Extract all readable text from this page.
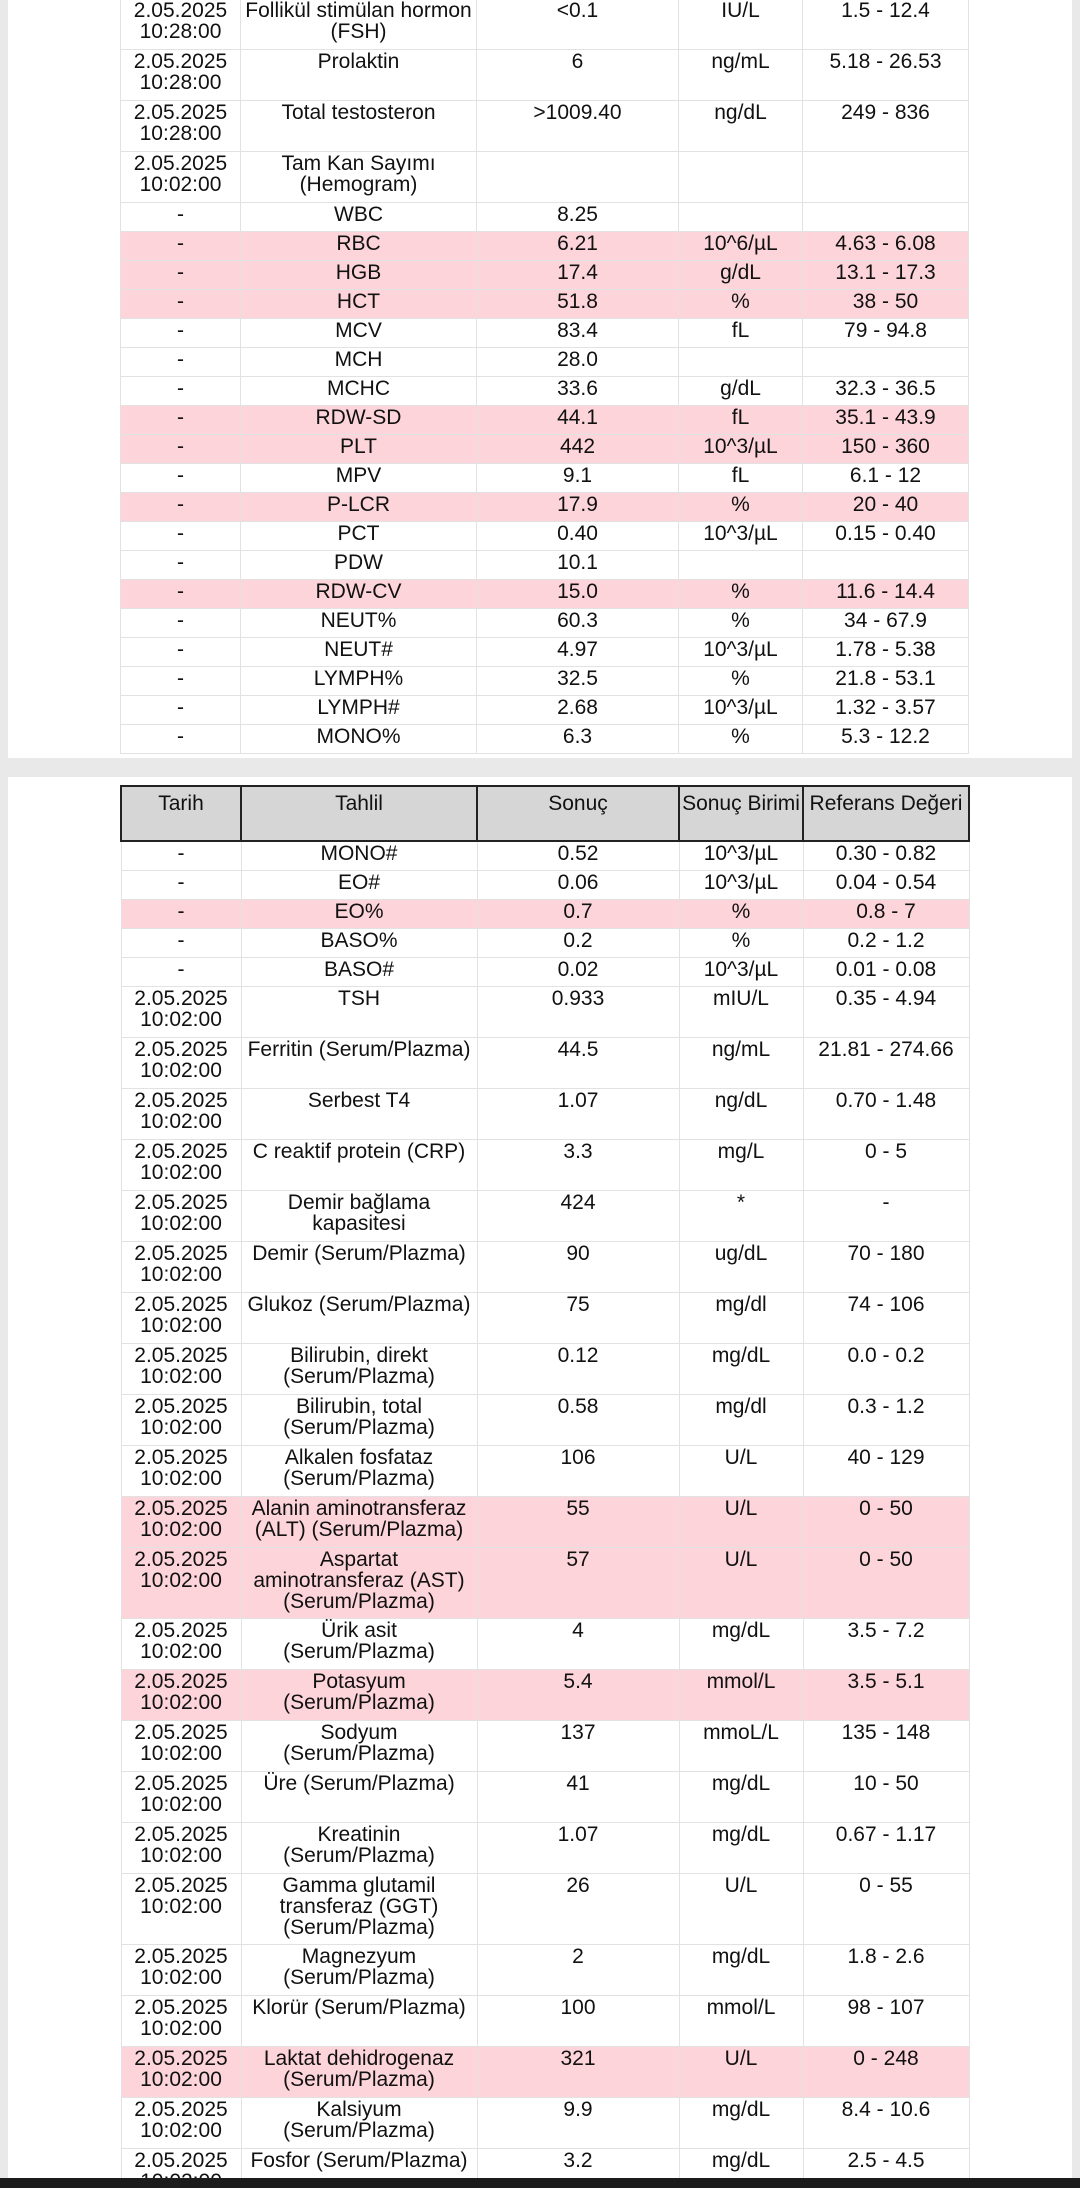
2.05.2025 10:28:00	Follikül stimülan hormon (FSH)	<0.1	IU/L	1.5 - 12.4
2.05.2025 10:28:00	Prolaktin	6	ng/mL	5.18 - 26.53
2.05.2025 10:28:00	Total testosteron	>1009.40	ng/dL	249 - 836
2.05.2025 10:02:00	Tam Kan Sayımı (Hemogram)			
-	WBC	8.25		
-	RBC	6.21	10^6/µL	4.63 - 6.08
-	HGB	17.4	g/dL	13.1 - 17.3
-	HCT	51.8	%	38 - 50
-	MCV	83.4	fL	79 - 94.8
-	MCH	28.0		
-	MCHC	33.6	g/dL	32.3 - 36.5
-	RDW-SD	44.1	fL	35.1 - 43.9
-	PLT	442	10^3/µL	150 - 360
-	MPV	9.1	fL	6.1 - 12
-	P-LCR	17.9	%	20 - 40
-	PCT	0.40	10^3/µL	0.15 - 0.40
-	PDW	10.1		
-	RDW-CV	15.0	%	11.6 - 14.4
-	NEUT%	60.3	%	34 - 67.9
-	NEUT#	4.97	10^3/µL	1.78 - 5.38
-	LYMPH%	32.5	%	21.8 - 53.1
-	LYMPH#	2.68	10^3/µL	1.32 - 3.57
-	MONO%	6.3	%	5.3 - 12.2
Tarih	Tahlil	Sonuç	Sonuç Birimi	Referans Değeri
-	MONO#	0.52	10^3/µL	0.30 - 0.82
-	EO#	0.06	10^3/µL	0.04 - 0.54
-	EO%	0.7	%	0.8 - 7
-	BASO%	0.2	%	0.2 - 1.2
-	BASO#	0.02	10^3/µL	0.01 - 0.08
2.05.2025 10:02:00	TSH	0.933	mIU/L	0.35 - 4.94
2.05.2025 10:02:00	Ferritin (Serum/Plazma)	44.5	ng/mL	21.81 - 274.66
2.05.2025 10:02:00	Serbest T4	1.07	ng/dL	0.70 - 1.48
2.05.2025 10:02:00	C reaktif protein (CRP)	3.3	mg/L	0 - 5
2.05.2025 10:02:00	Demir bağlama kapasitesi	424	*	-
2.05.2025 10:02:00	Demir (Serum/Plazma)	90	ug/dL	70 - 180
2.05.2025 10:02:00	Glukoz (Serum/Plazma)	75	mg/dl	74 - 106
2.05.2025 10:02:00	Bilirubin, direkt (Serum/Plazma)	0.12	mg/dL	0.0 - 0.2
2.05.2025 10:02:00	Bilirubin, total (Serum/Plazma)	0.58	mg/dl	0.3 - 1.2
2.05.2025 10:02:00	Alkalen fosfataz (Serum/Plazma)	106	U/L	40 - 129
2.05.2025 10:02:00	Alanin aminotransferaz (ALT) (Serum/Plazma)	55	U/L	0 - 50
2.05.2025 10:02:00	Aspartat aminotransferaz (AST) (Serum/Plazma)	57	U/L	0 - 50
2.05.2025 10:02:00	Ürik asit (Serum/Plazma)	4	mg/dL	3.5 - 7.2
2.05.2025 10:02:00	Potasyum (Serum/Plazma)	5.4	mmol/L	3.5 - 5.1
2.05.2025 10:02:00	Sodyum (Serum/Plazma)	137	mmoL/L	135 - 148
2.05.2025 10:02:00	Üre (Serum/Plazma)	41	mg/dL	10 - 50
2.05.2025 10:02:00	Kreatinin (Serum/Plazma)	1.07	mg/dL	0.67 - 1.17
2.05.2025 10:02:00	Gamma glutamil transferaz (GGT) (Serum/Plazma)	26	U/L	0 - 55
2.05.2025 10:02:00	Magnezyum (Serum/Plazma)	2	mg/dL	1.8 - 2.6
2.05.2025 10:02:00	Klorür (Serum/Plazma)	100	mmol/L	98 - 107
2.05.2025 10:02:00	Laktat dehidrogenaz (Serum/Plazma)	321	U/L	0 - 248
2.05.2025 10:02:00	Kalsiyum (Serum/Plazma)	9.9	mg/dL	8.4 - 10.6
2.05.2025	Fosfor (Serum/Plazma)	3.2	mg/dL	2.5 - 4.5
